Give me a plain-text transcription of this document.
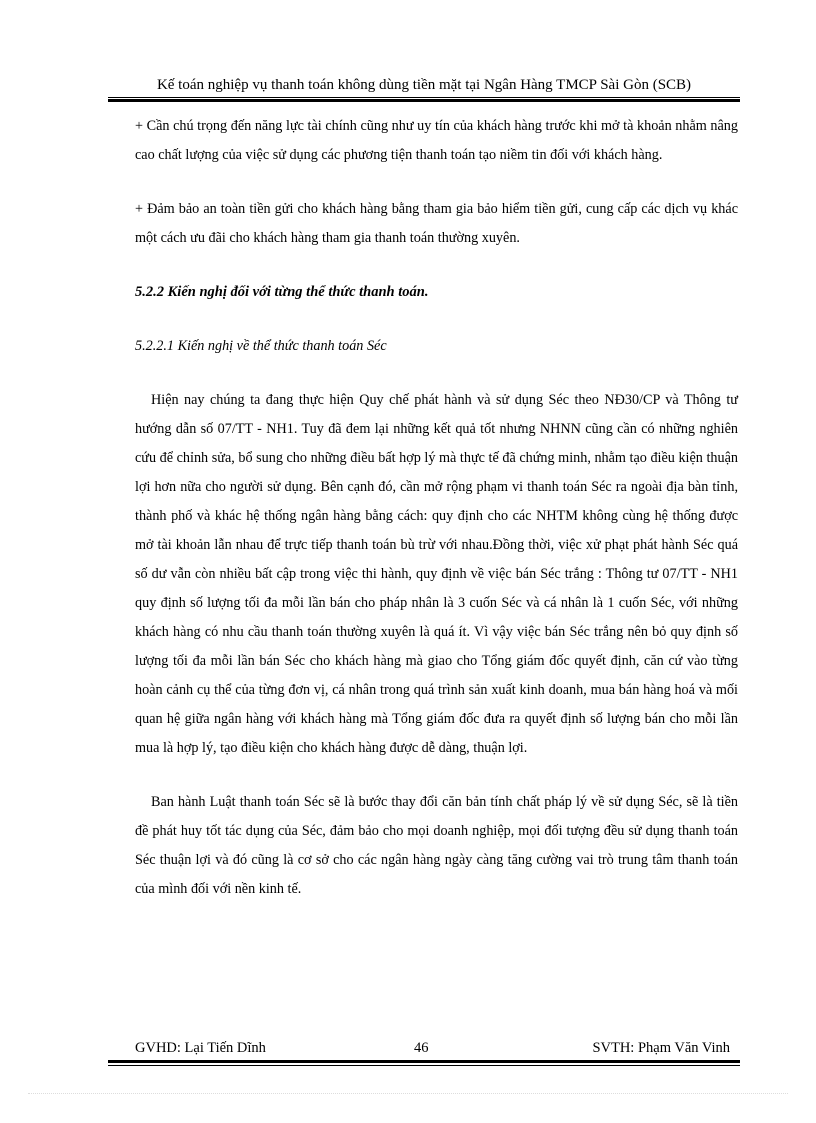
Kế toán nghiệp vụ thanh toán không dùng tiền mặt tại Ngân Hàng TMCP Sài Gòn (SCB)

+ Cần chú trọng đến năng lực tài chính cũng như uy tín của khách hàng trước khi mở tà khoản nhằm nâng cao chất lượng của việc sử dụng các phương tiện thanh toán tạo niềm tin đối với khách hàng.

+ Đảm bảo an toàn tiền gửi cho khách hàng bằng tham gia bảo hiểm tiền gửi, cung cấp các dịch vụ khác một cách ưu đãi cho khách hàng tham gia thanh toán thường xuyên.

5.2.2 Kiến nghị đối với từng thể thức thanh toán.

5.2.2.1 Kiến nghị về thể thức thanh toán Séc

Hiện nay chúng ta đang thực hiện Quy chế phát hành và sử dụng Séc theo NĐ30/CP và Thông tư hướng dẫn số 07/TT - NH1. Tuy đã đem lại những kết quả tốt nhưng NHNN cũng cần có những nghiên cứu để chỉnh sửa, bổ sung cho những điều bất hợp lý mà thực tế đã chứng minh, nhằm tạo điều kiện thuận lợi hơn nữa cho người sử dụng. Bên cạnh đó, cần mở rộng phạm vi thanh toán Séc ra ngoài địa bàn tỉnh, thành phố và khác hệ thống ngân hàng bằng cách: quy định cho các NHTM không cùng hệ thống được mở tài khoản lẫn nhau để trực tiếp thanh toán bù trừ với nhau.Đồng thời, việc xử phạt phát hành Séc quá số dư vẫn còn nhiều bất cập trong việc thi hành, quy định về việc bán Séc trắng : Thông tư 07/TT - NH1 quy định số lượng tối đa mỗi lần bán cho pháp nhân là 3 cuốn Séc và cá nhân là 1 cuốn Séc, với những khách hàng có nhu cầu thanh toán thường xuyên là quá ít. Vì vậy việc bán Séc trắng nên bỏ quy định số lượng tối đa mỗi lần bán Séc cho khách hàng mà giao cho Tổng giám đốc quyết định, căn cứ vào từng hoàn cảnh cụ thể của từng đơn vị, cá nhân trong quá trình sản xuất kinh doanh, mua bán hàng hoá và mối quan hệ giữa ngân hàng với khách hàng mà Tổng giám đốc đưa ra quyết định số lượng bán cho mỗi lần mua là hợp lý, tạo điều kiện cho khách hàng được dễ dàng, thuận lợi.

Ban hành Luật thanh toán Séc sẽ là bước thay đổi căn bản tính chất pháp lý về sử dụng Séc, sẽ là tiền đề phát huy tốt tác dụng của Séc, đảm bảo cho mọi doanh nghiệp, mọi đối tượng đều sử dụng thanh toán Séc thuận lợi và đó cũng là cơ sở cho các ngân hàng ngày càng tăng cường vai trò trung tâm thanh toán của mình đối với nền kinh tế.

GVHD: Lại Tiến Dĩnh	46	SVTH: Phạm Văn Vinh
